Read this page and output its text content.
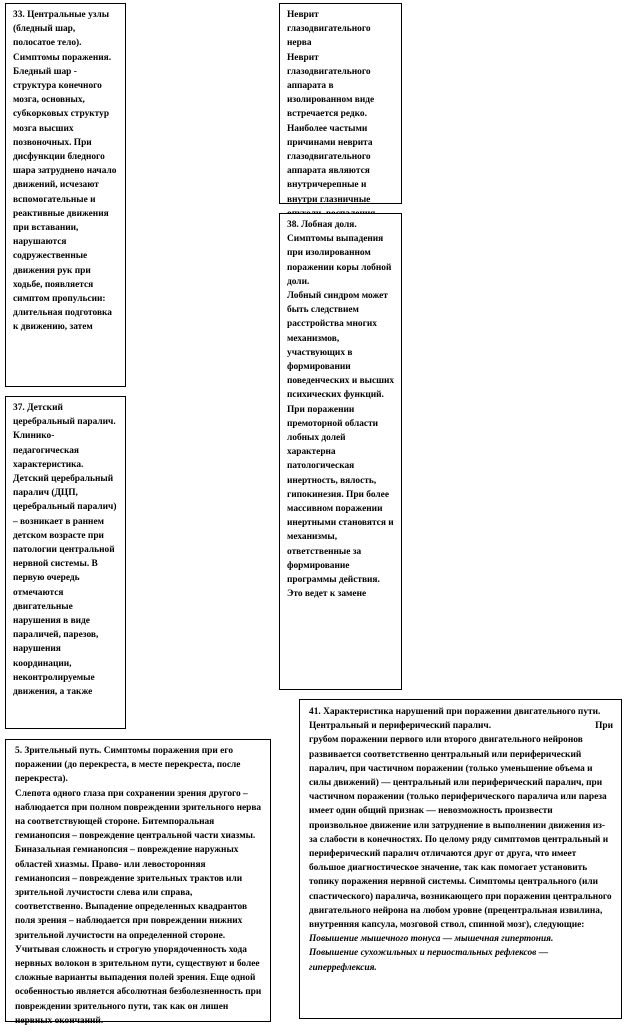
33. Центральные узлы (бледный шар, полосатое тело). Симптомы поражения.

Бледный шар - структура конечного мозга, основных, субкорковых структур мозга высших позвоночных. При дисфункции бледного шара затруднено начало движений, исчезают вспомогательные и реактивные движения при вставании, нарушаются содружественные движения рук при ходьбе, появляется симптом пропульсии: длительная подготовка к движению, затем

Неврит глазодвигательного нерва

Неврит глазодвигательного аппарата в изолированном виде встречается редко. Наиболее частыми причинами неврита глазодвигательного аппарата являются внутричерепные и внутри глазничные

38. Лобная доля. Симптомы выпадения при изолированном поражении коры лобной доли.

Лобный синдром может быть следствием расстройства многих механизмов, участвующих в формировании поведенческих и высших психических функций. При поражении премоторной области лобных долей характерна патологическая инертность, вялость, гипокинезия. При более массивном поражении инертными становятся и механизмы, ответственные за формирование программы действия. Это ведет к замене

37. Детский церебральный паралич. Клинико-педагогическая характеристика.

Детский церебральный паралич (ДЦП, церебральный паралич) – возникает в раннем детском возрасте при патологии центральной нервной системы. В первую очередь отмечаются двигательные нарушения в виде параличей, парезов, нарушения координации, неконтролируемые движения, а также

41. Характеристика нарушений при поражении двигательного пути. Центральный и периферический паралич.	При

грубом поражении первого или второго двигательного нейронов развивается соответственно центральный или периферический паралич, при частичном поражении (только уменьшение объема и силы движений) — центральный или периферический паралич, при частичном поражении (только периферического паралича или пареза имеет один общий признак — невозможность произвести произвольное движение или затруднение в выполнении движения из-за слабости в конечностях. По целому ряду симптомов центральный и периферический паралич отличаются друг от друга, что имеет большое диагностическое значение, так как помогает установить топику поражения нервной системы. Симптомы центрального (или спастического) паралича, возникающего при поражении центрального двигательного нейрона на любом уровне (прецентральная извилина, внутренняя капсула, мозговой ствол, спинной мозг), следующие:

Повышение мышечного тонуса — мышечная гипертония.

Повышение сухожильных и периостальных рефлексов — гиперрефлексия.

5. Зрительный путь. Симптомы поражения при его поражении (до перекреста, в месте перекреста, после перекреста).

Слепота одного глаза при сохранении зрения другого – наблюдается при полном повреждении зрительного нерва на соответствующей стороне. Битемпоральная гемианопсия – повреждение центральной части хиазмы. Биназальная гемианопсия – повреждение наружных областей хиазмы. Право- или левосторонняя гемианопсия – повреждение зрительных трактов или зрительной лучистости слева или справа, соответственно. Выпадение определенных квадрантов поля зрения – наблюдается при повреждении нижних зрительной лучистости на определенной стороне. Учитывая сложность и строгую упорядоченность хода нервных волокон в зрительном пути, существуют и более сложные варианты выпадения полей зрения. Еще одной особенностью является абсолютная безболезненность при повреждении зрительного пути, так как он лишен нервных окончаний.
